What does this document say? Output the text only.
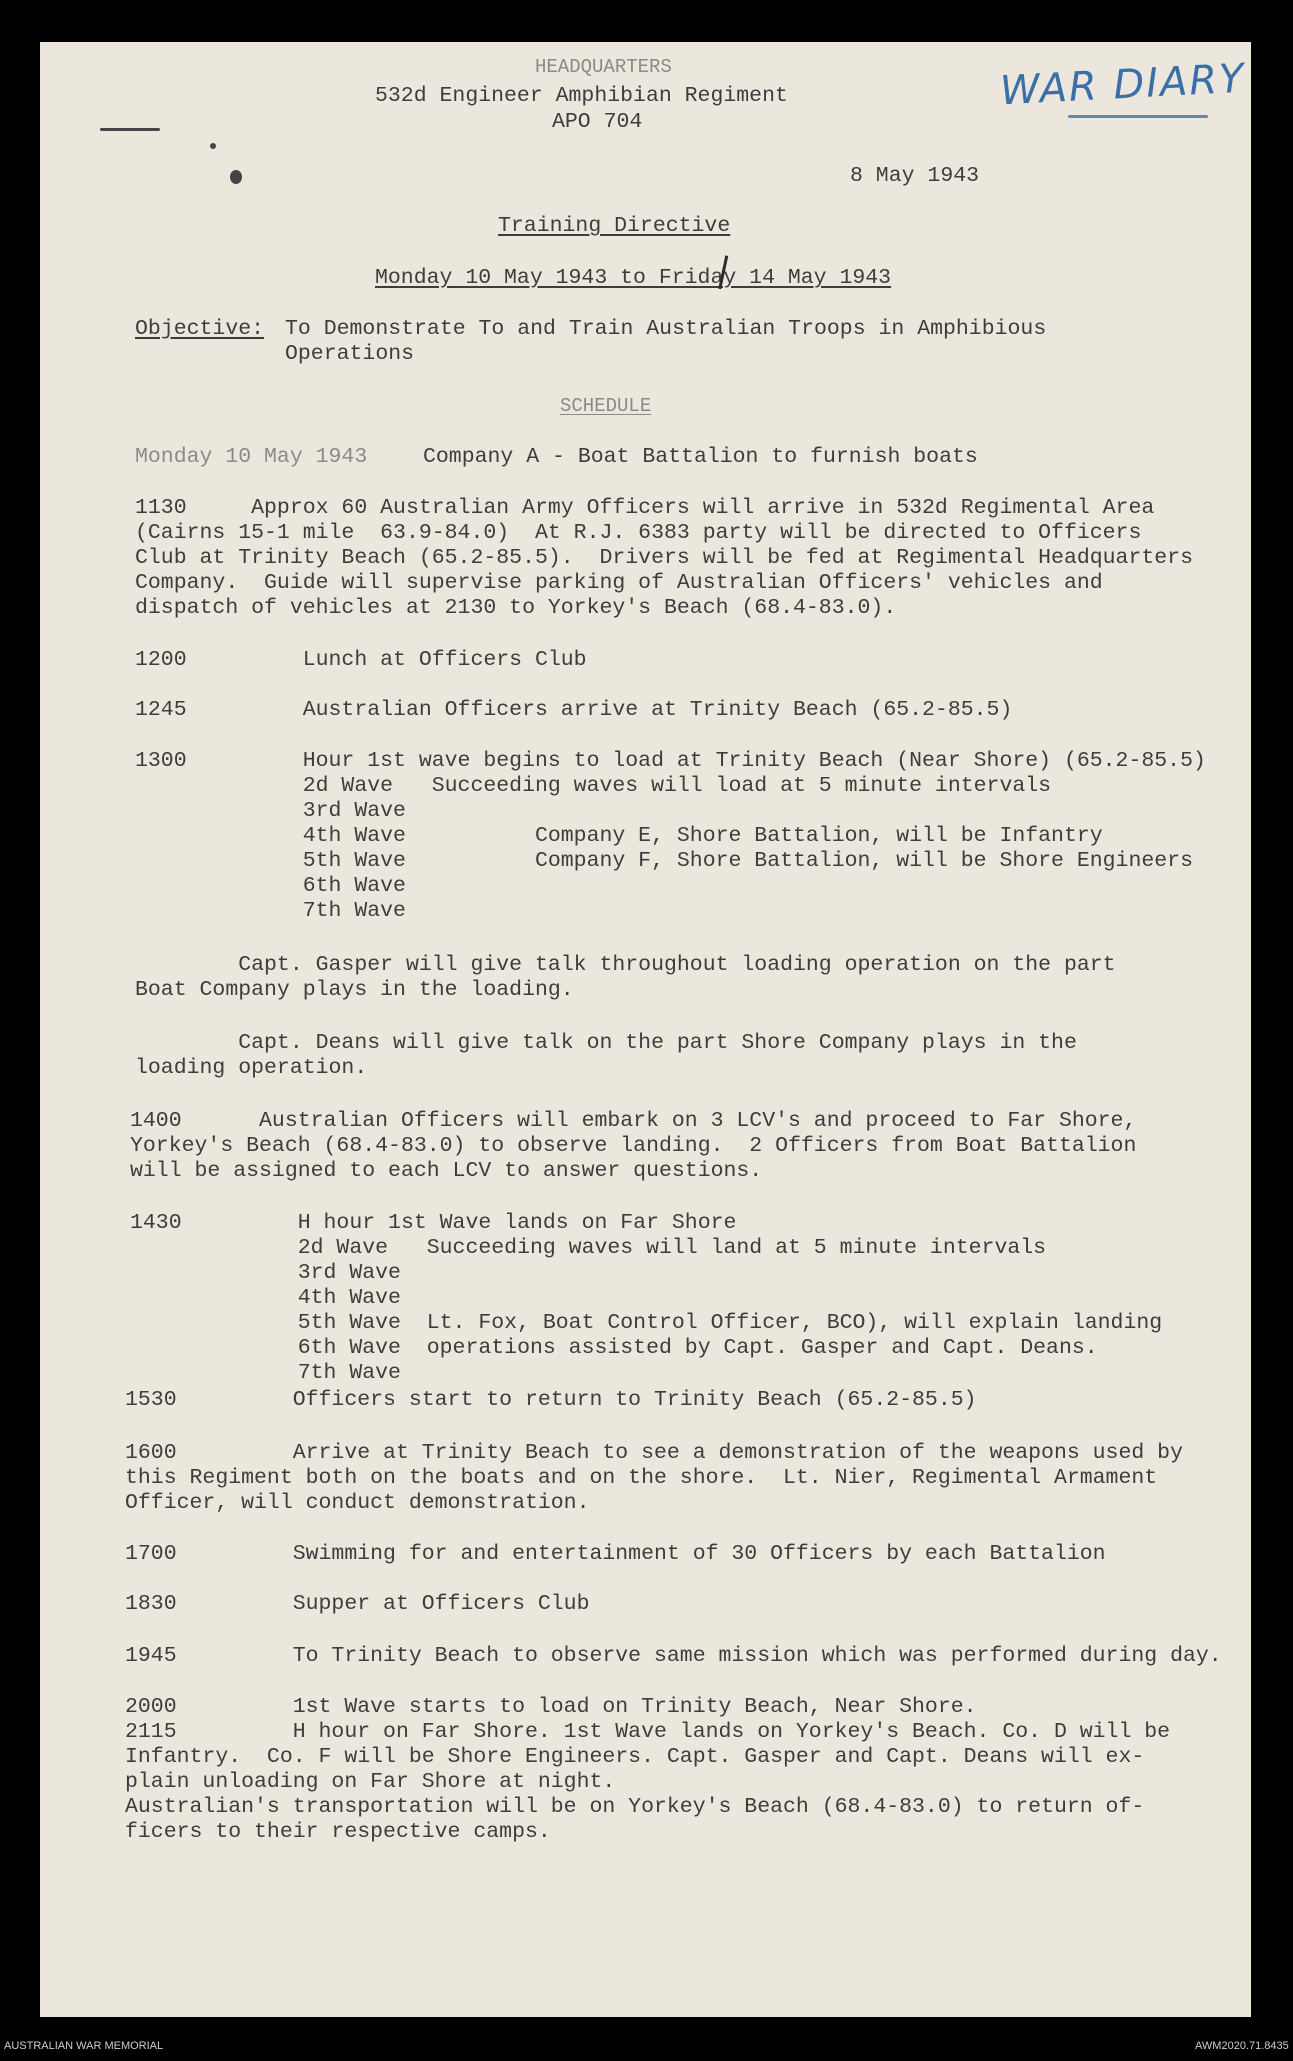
HEADQUARTERS
532d Engineer Amphibian Regiment
APO 704
WAR DIARY
8 May 1943
Training Directive
Monday 10 May 1943 to Friday 14 May 1943
Objective: To Demonstrate To and Train Australian Troops in Amphibious
Operations
SCHEDULE
Monday 10 May 1943	Company A - Boat Battalion to furnish boats
1130     Approx 60 Australian Army Officers will arrive in 532d Regimental Area
(Cairns 15-1 mile  63.9-84.0)  At R.J. 6383 party will be directed to Officers
Club at Trinity Beach (65.2-85.5).  Drivers will be fed at Regimental Headquarters
Company.  Guide will supervise parking of Australian Officers' vehicles and
dispatch of vehicles at 2130 to Yorkey's Beach (68.4-83.0).
1200         Lunch at Officers Club
1245         Australian Officers arrive at Trinity Beach (65.2-85.5)
1300         Hour 1st wave begins to load at Trinity Beach (Near Shore) (65.2-85.5)
2d Wave   Succeeding waves will load at 5 minute intervals
3rd Wave
4th Wave          Company E, Shore Battalion, will be Infantry
5th Wave          Company F, Shore Battalion, will be Shore Engineers
6th Wave
7th Wave
Capt. Gasper will give talk throughout loading operation on the part
Boat Company plays in the loading.
Capt. Deans will give talk on the part Shore Company plays in the
loading operation.
1400      Australian Officers will embark on 3 LCV's and proceed to Far Shore,
Yorkey's Beach (68.4-83.0) to observe landing.  2 Officers from Boat Battalion
will be assigned to each LCV to answer questions.
1430         H hour 1st Wave lands on Far Shore
2d Wave   Succeeding waves will land at 5 minute intervals
3rd Wave
4th Wave
5th Wave  Lt. Fox, Boat Control Officer, BCO), will explain landing
6th Wave  operations assisted by Capt. Gasper and Capt. Deans.
7th Wave
1530         Officers start to return to Trinity Beach (65.2-85.5)
1600         Arrive at Trinity Beach to see a demonstration of the weapons used by
this Regiment both on the boats and on the shore.  Lt. Nier, Regimental Armament
Officer, will conduct demonstration.
1700         Swimming for and entertainment of 30 Officers by each Battalion
1830         Supper at Officers Club
1945         To Trinity Beach to observe same mission which was performed during day.
2000         1st Wave starts to load on Trinity Beach, Near Shore.
2115         H hour on Far Shore. 1st Wave lands on Yorkey's Beach. Co. D will be
Infantry.  Co. F will be Shore Engineers. Capt. Gasper and Capt. Deans will ex-
plain unloading on Far Shore at night.
Australian's transportation will be on Yorkey's Beach (68.4-83.0) to return of-
ficers to their respective camps.
AUSTRALIAN WAR MEMORIAL	AWM2020.71.8435
